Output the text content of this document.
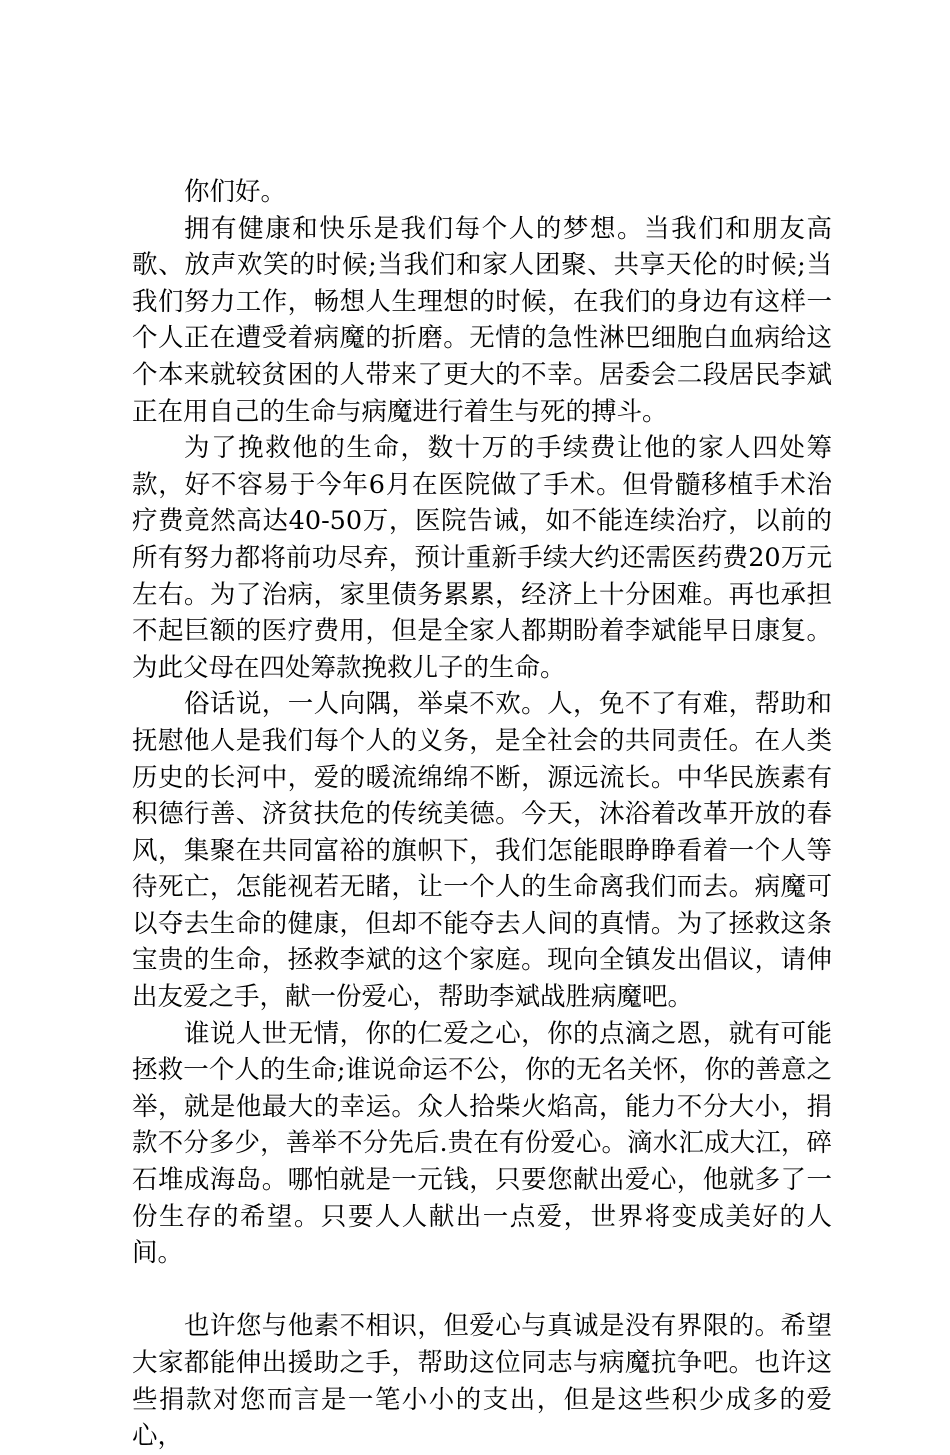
你们好。

拥有健康和快乐是我们每个人的梦想。当我们和朋友高歌、放声欢笑的时候;当我们和家人团聚、共享天伦的时候;当我们努力工作，畅想人生理想的时候，在我们的身边有这样一个人正在遭受着病魔的折磨。无情的急性淋巴细胞白血病给这个本来就较贫困的人带来了更大的不幸。居委会二段居民李斌正在用自己的生命与病魔进行着生与死的搏斗。

为了挽救他的生命，数十万的手续费让他的家人四处筹款，好不容易于今年6月在医院做了手术。但骨髓移植手术治疗费竟然高达40-50万，医院告诫，如不能连续治疗，以前的所有努力都将前功尽弃，预计重新手续大约还需医药费20万元左右。为了治病，家里债务累累，经济上十分困难。再也承担不起巨额的医疗费用，但是全家人都期盼着李斌能早日康复。为此父母在四处筹款挽救儿子的生命。

俗话说，一人向隅，举桌不欢。人，免不了有难，帮助和抚慰他人是我们每个人的义务，是全社会的共同责任。在人类历史的长河中，爱的暖流绵绵不断，源远流长。中华民族素有积德行善、济贫扶危的传统美德。今天，沐浴着改革开放的春风，集聚在共同富裕的旗帜下，我们怎能眼睁睁看着一个人等待死亡，怎能视若无睹，让一个人的生命离我们而去。病魔可以夺去生命的健康，但却不能夺去人间的真情。为了拯救这条宝贵的生命，拯救李斌的这个家庭。现向全镇发出倡议，请伸出友爱之手，献一份爱心，帮助李斌战胜病魔吧。

谁说人世无情，你的仁爱之心，你的点滴之恩，就有可能拯救一个人的生命;谁说命运不公，你的无名关怀，你的善意之举，就是他最大的幸运。众人拾柴火焰高，能力不分大小，捐款不分多少，善举不分先后.贵在有份爱心。滴水汇成大江，碎石堆成海岛。哪怕就是一元钱，只要您献出爱心，他就多了一份生存的希望。只要人人献出一点爱，世界将变成美好的人间。

也许您与他素不相识，但爱心与真诚是没有界限的。希望大家都能伸出援助之手，帮助这位同志与病魔抗争吧。也许这些捐款对您而言是一笔小小的支出，但是这些积少成多的爱心，
